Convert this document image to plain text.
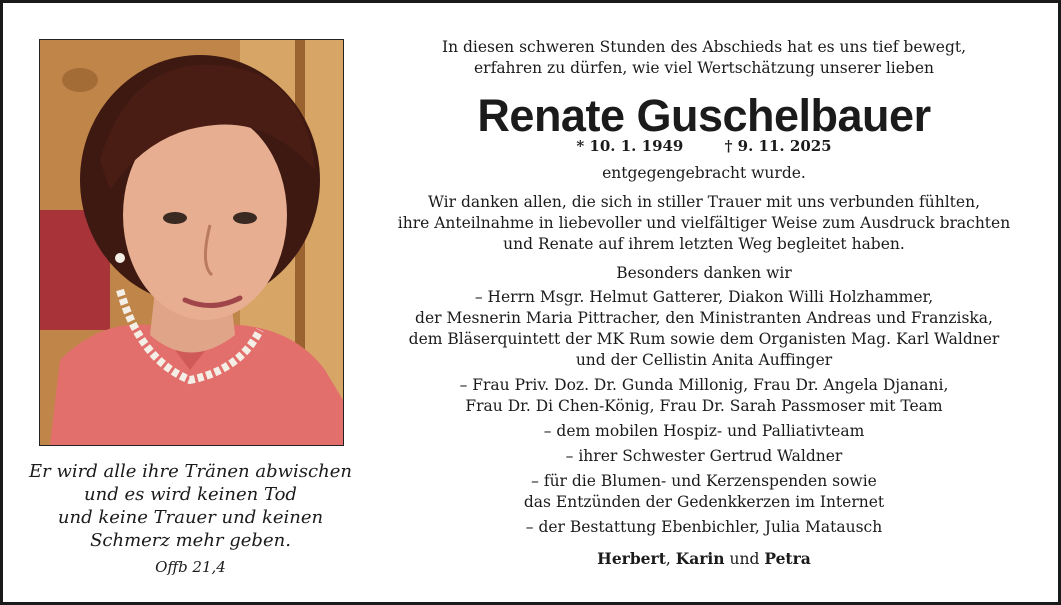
Er wird alle ihre Tränen abwischen
und es wird keinen Tod
und keine Trauer und keinen
Schmerz mehr geben.
Offb 21,4
In diesen schweren Stunden des Abschieds hat es uns tief bewegt,
erfahren zu dürfen, wie viel Wertschätzung unserer lieben
Renate Guschelbauer
* 10. 1. 1949	† 9. 11. 2025
entgegengebracht wurde.
Wir danken allen, die sich in stiller Trauer mit uns verbunden fühlten,
ihre Anteilnahme in liebevoller und vielfältiger Weise zum Ausdruck brachten
und Renate auf ihrem letzten Weg begleitet haben.
Besonders danken wir
– Herrn Msgr. Helmut Gatterer, Diakon Willi Holzhammer,
der Mesnerin Maria Pittracher, den Ministranten Andreas und Franziska,
dem Bläserquintett der MK Rum sowie dem Organisten Mag. Karl Waldner
und der Cellistin Anita Auffinger
– Frau Priv. Doz. Dr. Gunda Millonig, Frau Dr. Angela Djanani,
Frau Dr. Di Chen-König, Frau Dr. Sarah Passmoser mit Team
– dem mobilen Hospiz- und Palliativteam
– ihrer Schwester Gertrud Waldner
– für die Blumen- und Kerzenspenden sowie
das Entzünden der Gedenkkerzen im Internet
– der Bestattung Ebenbichler, Julia Matausch
Herbert, Karin und Petra
